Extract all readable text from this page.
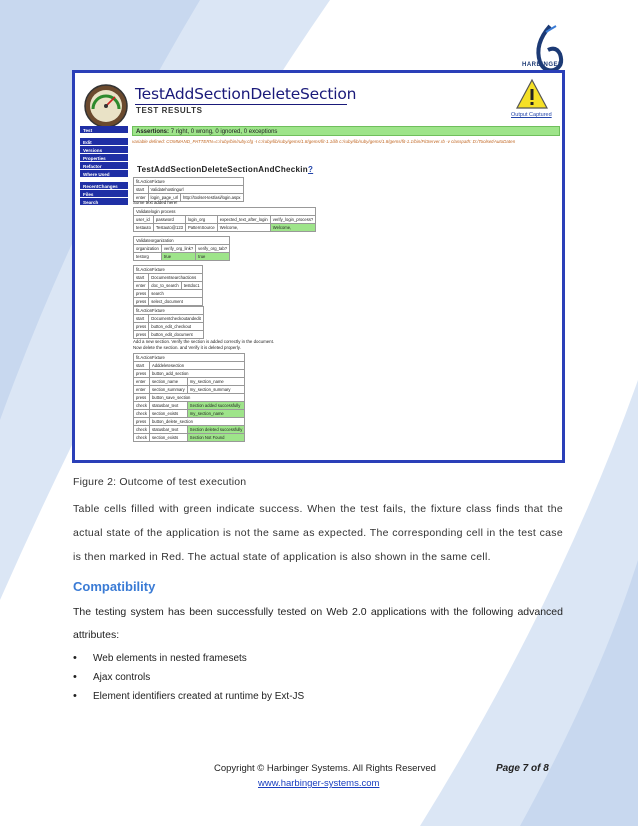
HARBINGER
TestAddSectionDeleteSection
TEST RESULTS	Output Captured
Test
Edit
Versions
Properties
Refactor
Where Used
RecentChanges
Files
Search
Assertions: 7 right, 0 wrong, 0 ignored, 0 exceptions
variable defined: COMMAND_PATTERN=c:/ruby/bin/ruby.cfg -I c:/ruby/lib/ruby/gems/1.8/gems/fit-1.1/lib c:/ruby/lib/ruby/gems/1.8/gems/fit-1.1/bin/FitServer.rb -v classpath: D:/Toolset/AutoDaten
TestAddSectionDeleteSectionAndCheckin?
fit.ActionFixture		
start	Validatehostingurl	
enter	login_page_url	http://toolset-test/asi/login.aspx
Some text added here!
Validatelogin process				
user_id	password	login_org	expected_text_after_login	verify_login_process?
testauto	Testauto@123	PatternSource	Welcome,	Welcome,
Validateorganization		
organization	verify_org_link?	verify_org_tab?
testorg	true	true
fit.ActionFixture		
start	Documentsearchactions	
enter	doc_to_search	testdoc1
press	search	
press	select_document	
fit.ActionFixture	
start	Documentcheckoutandedit
press	button_edit_checkout
press	button_edit_document
Add a new section. Verify the section is added correctly in the document.
Now delete the section. and Verify it is deleted properly.
fit.ActionFixture		
start	Adddeletesection	
press	button_add_section	
enter	section_name	my_section_name
enter	section_summary	my_section_summary
press	button_save_section	
check	statusbar_text	Section added successfully
check	section_exists	my_section_name
press	button_delete_section	
check	statusbar_text	Section deleted successfully
check	section_exists	Section Not Found
Figure 2: Outcome of test execution
Table cells filled with green indicate success. When the test fails, the fixture class finds that the actual state of the application is not the same as expected. The corresponding cell in the test case is then marked in Red. The actual state of application is also shown in the same cell.
Compatibility
The testing system has been successfully tested on Web 2.0 applications with the following advanced attributes:
• Web elements in nested framesets
• Ajax controls
• Element identifiers created at runtime by Ext-JS
Copyright © Harbinger Systems. All Rights Reserved	Page 7 of 8
www.harbinger-systems.com
